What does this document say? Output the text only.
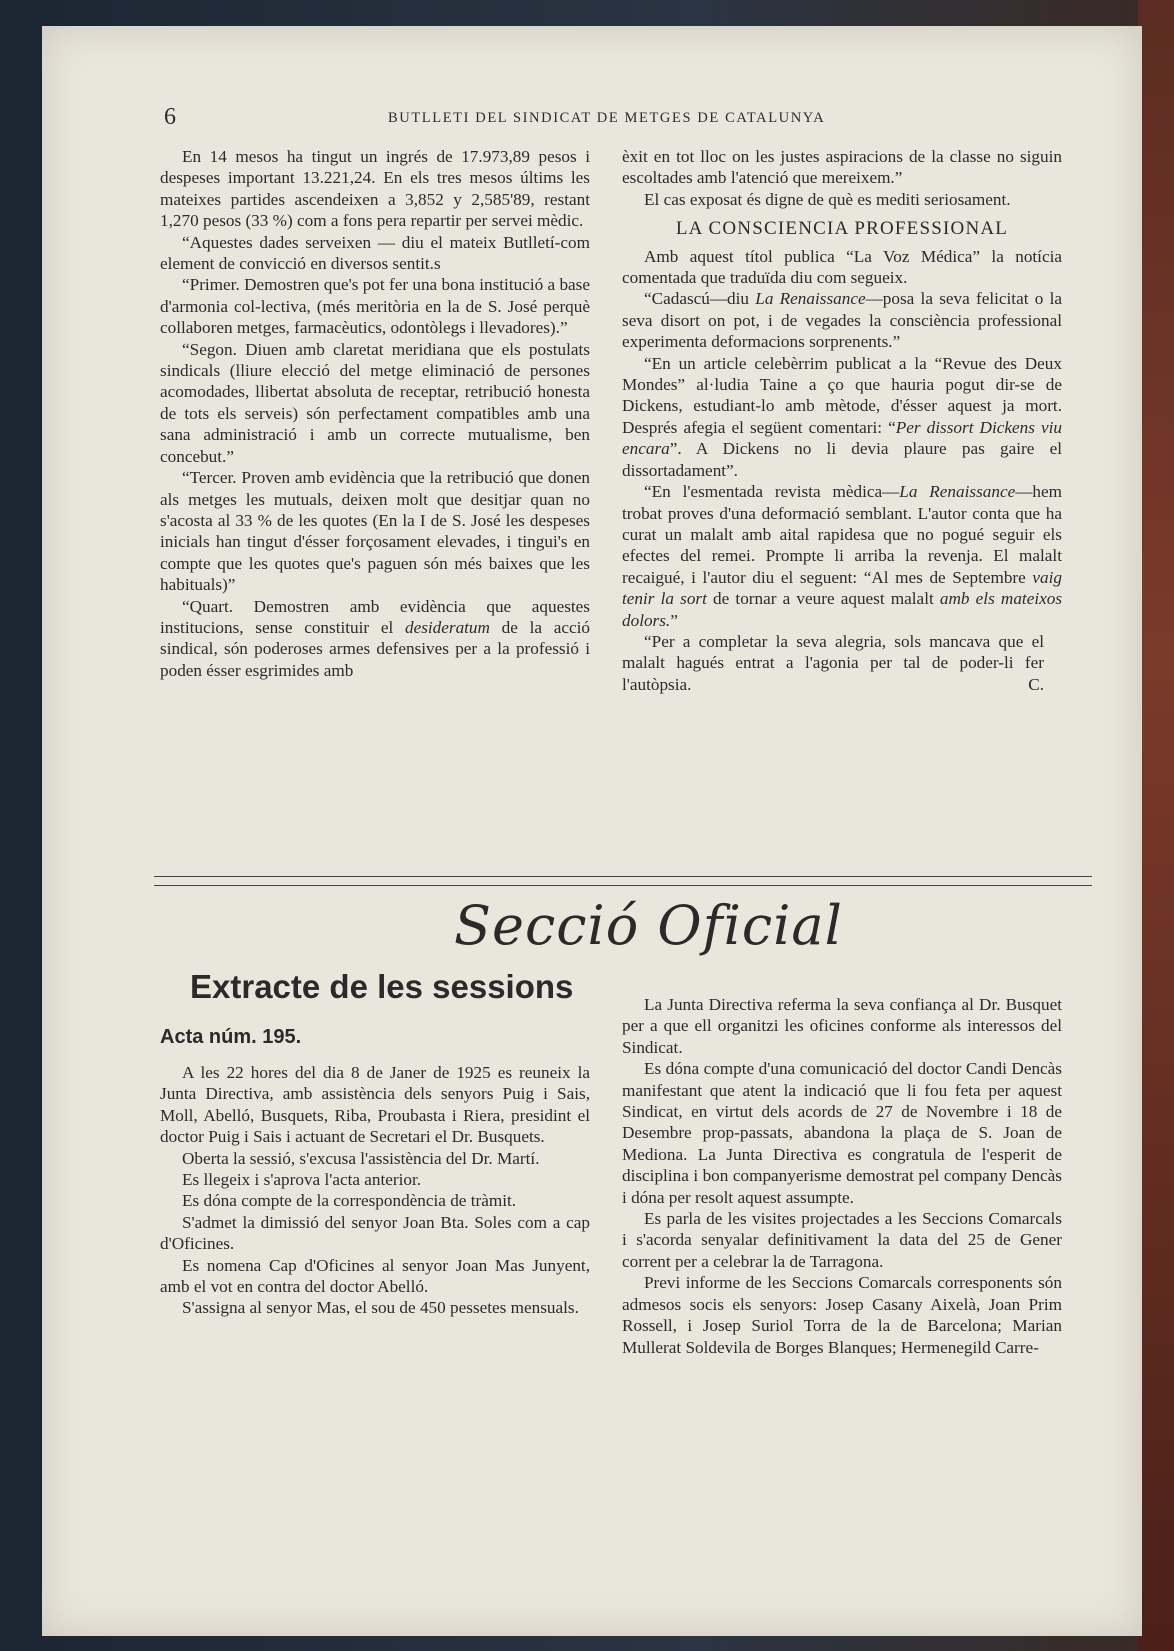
6	BUTLLETI DEL SINDICAT DE METGES DE CATALUNYA

En 14 mesos ha tingut un ingrés de 17.973,89 pesos i despeses important 13.221,24. En els tres mesos últims les mateixes partides ascendeixen a 3,852 y 2,585'89, restant 1,270 pesos (33 %) com a fons pera repartir per servei mèdic.

“Aquestes dades serveixen — diu el mateix Butlletí-com element de convicció en diversos sentit.s

“Primer. Demostren que's pot fer una bona institució a base d'armonia col-lectiva, (més meritòria en la de S. José perquè collaboren metges, farmacèutics, odontòlegs i llevadores).”

“Segon. Diuen amb claretat meridiana que els postulats sindicals (lliure elecció del metge eliminació de persones acomodades, llibertat absoluta de receptar, retribució honesta de tots els serveis) són perfectament compatibles amb una sana administració i amb un correcte mutualisme, ben concebut.”

“Tercer. Proven amb evidència que la retribució que donen als metges les mutuals, deixen molt que desitjar quan no s'acosta al 33 % de les quotes (En la I de S. José les despeses inicials han tingut d'ésser forçosament elevades, i tingui's en compte que les quotes que's paguen són més baixes que les habituals)”

“Quart. Demostren amb evidència que aquestes institucions, sense constituir el desideratum de la acció sindical, són poderoses armes defensives per a la professió i poden ésser esgrimides amb

èxit en tot lloc on les justes aspiracions de la classe no siguin escoltades amb l'atenció que mereixem.”

El cas exposat és digne de què es mediti seriosament.

LA CONSCIENCIA PROFESSIONAL

Amb aquest títol publica “La Voz Médica” la notícia comentada que traduïda diu com segueix.

“Cadascú—diu La Renaissance—posa la seva felicitat o la seva disort on pot, i de vegades la consciència professional experimenta deformacions sorprenents.”

“En un article celebèrrim publicat a la “Revue des Deux Mondes” al·ludia Taine a ço que hauria pogut dir-se de Dickens, estudiant-lo amb mètode, d'ésser aquest ja mort. Després afegia el següent comentari: “Per dissort Dickens viu encara”. A Dickens no li devia plaure pas gaire el dissortadament”.

“En l'esmentada revista mèdica—La Renaissance—hem trobat proves d'una deformació semblant. L'autor conta que ha curat un malalt amb aital rapidesa que no pogué seguir els efectes del remei. Prompte li arriba la revenja. El malalt recaigué, i l'autor diu el seguent: “Al mes de Septembre vaig tenir la sort de tornar a veure aquest malalt amb els mateixos dolors.”

“Per a completar la seva alegria, sols mancava que el malalt hagués entrat a l'agonia per tal de poder-li fer l'autòpsia.	C.
Secció Oficial
Extracte de les sessions
Acta núm. 195.

A les 22 hores del dia 8 de Janer de 1925 es reuneix la Junta Directiva, amb assistència dels senyors Puig i Sais, Moll, Abelló, Busquets, Riba, Proubasta i Riera, presidint el doctor Puig i Sais i actuant de Secretari el Dr. Busquets.

Oberta la sessió, s'excusa l'assistència del Dr. Martí.

Es llegeix i s'aprova l'acta anterior.

Es dóna compte de la correspondència de tràmit.

S'admet la dimissió del senyor Joan Bta. Soles com a cap d'Oficines.

Es nomena Cap d'Oficines al senyor Joan Mas Junyent, amb el vot en contra del doctor Abelló.

S'assigna al senyor Mas, el sou de 450 pessetes mensuals.

La Junta Directiva referma la seva confiança al Dr. Busquet per a que ell organitzi les oficines conforme als interessos del Sindicat.

Es dóna compte d'una comunicació del doctor Candi Dencàs manifestant que atent la indicació que li fou feta per aquest Sindicat, en virtut dels acords de 27 de Novembre i 18 de Desembre prop-passats, abandona la plaça de S. Joan de Mediona. La Junta Directiva es congratula de l'esperit de disciplina i bon companyerisme demostrat pel company Dencàs i dóna per resolt aquest assumpte.

Es parla de les visites projectades a les Seccions Comarcals i s'acorda senyalar definitivament la data del 25 de Gener corrent per a celebrar la de Tarragona.

Previ informe de les Seccions Comarcals corresponents són admesos socis els senyors: Josep Casany Aixelà, Joan Prim Rossell, i Josep Suriol Torra de la de Barcelona; Marian Mullerat Soldevila de Borges Blanques; Hermenegild Carre-
